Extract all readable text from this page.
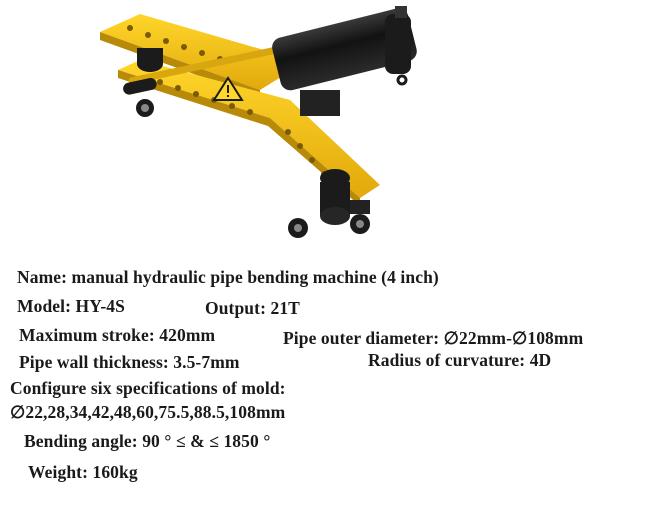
Name: manual hydraulic pipe bending machine (4 inch)
Model: HY-4S	Output: 21T
Maximum stroke: 420mm	Pipe outer diameter: ∅22mm-∅108mm
Pipe wall thickness: 3.5-7mm	Radius of curvature: 4D
Configure six specifications of mold:
∅22,28,34,42,48,60,75.5,88.5,108mm
Bending angle: 90 ° ≤ & ≤ 1850 °
Weight: 160kg
